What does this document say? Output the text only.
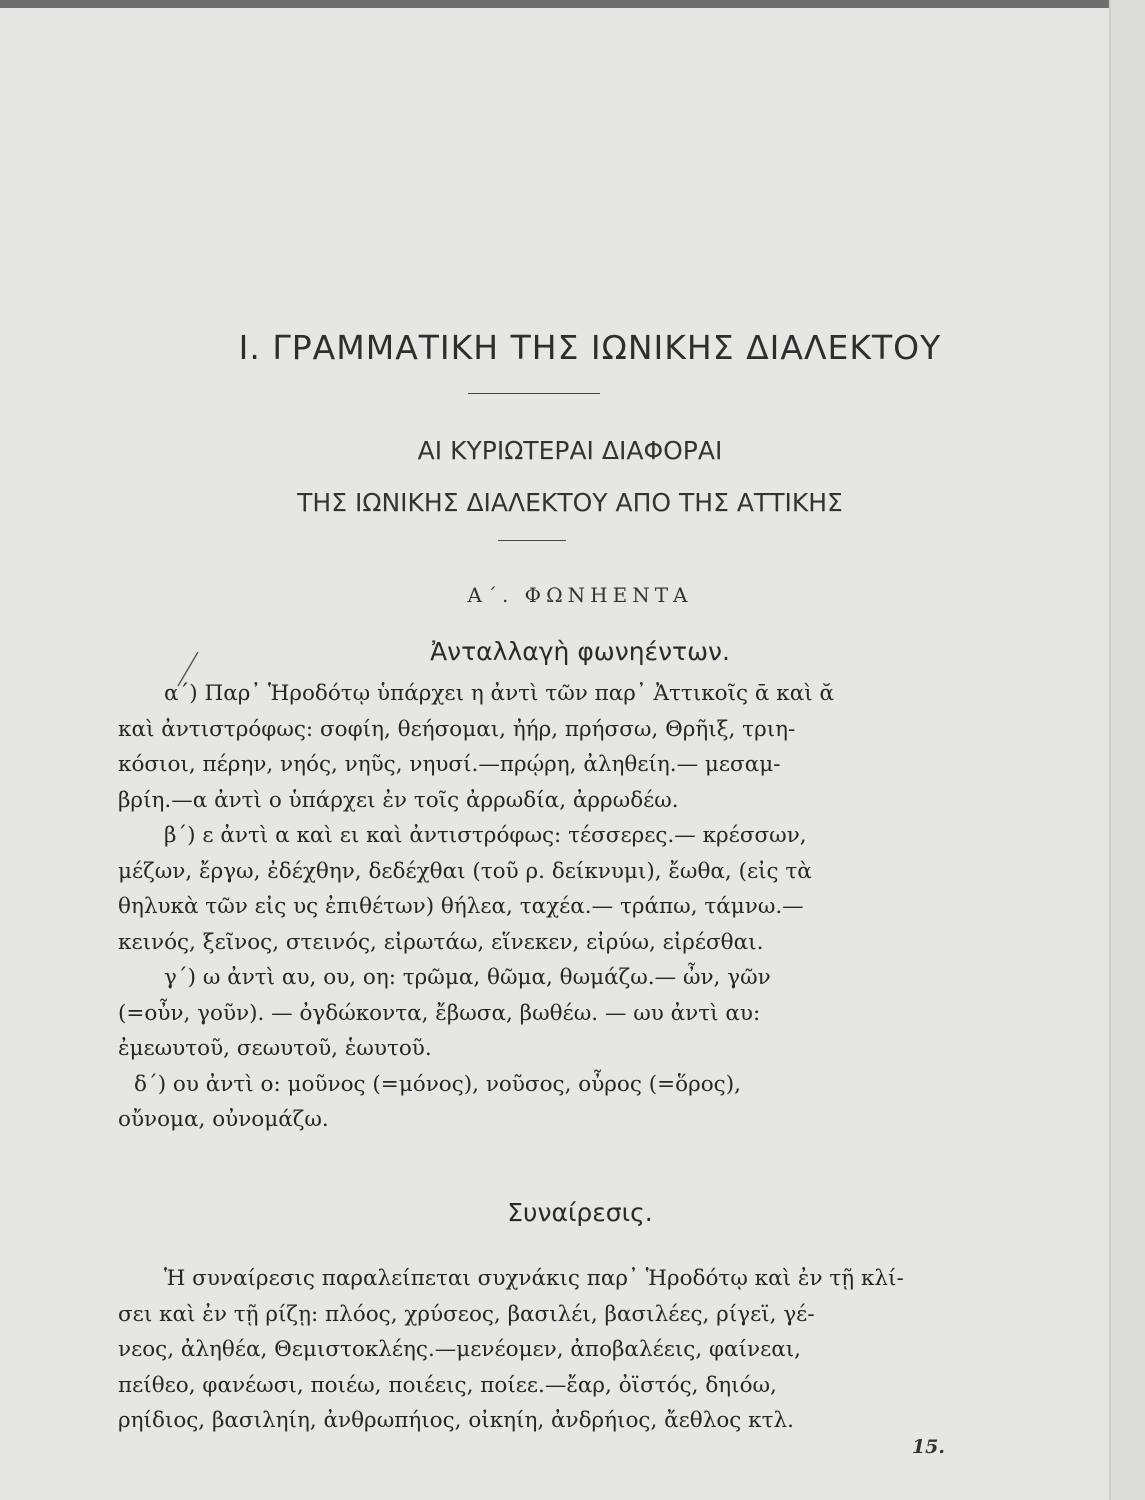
Ι. ΓΡΑΜΜΑΤΙΚΗ ΤΗΣ ΙΩΝΙΚΗΣ ΔΙΑΛΕΚΤΟΥ
ΑΙ ΚΥΡΙΩΤΕΡΑΙ ΔΙΑΦΟΡΑΙ
ΤΗΣ ΙΩΝΙΚΗΣ ΔΙΑΛΕΚΤΟΥ ΑΠΟ ΤΗΣ ΑΤΤΙΚΗΣ
Α΄. ΦΩΝΗΕΝΤΑ
Ἀνταλλαγὴ φωνηέντων.
α΄) Παρ᾿ Ἡροδότῳ ὑπάρχει η ἀντὶ τῶν παρ᾿ Ἀττικοῖς ᾱ καὶ ᾰ
καὶ ἀντιστρόφως: σοφίη, θεήσομαι, ἠήρ, πρήσσω, Θρῆιξ, τριη-
κόσιοι, πέρην, νηός, νηῦς, νηυσί.—πρῴρη, ἀληθείη.— μεσαμ-
βρίη.—α ἀντὶ ο ὑπάρχει ἐν τοῖς ἀρρωδία, ἀρρωδέω.
β΄) ε ἀντὶ α καὶ ει καὶ ἀντιστρόφως: τέσσερες.— κρέσσων,
μέζων, ἔργω, ἐδέχθην, δεδέχθαι (τοῦ ρ. δείκνυμι), ἔωθα, (εἰς τὰ
θηλυκὰ τῶν εἰς υς ἐπιθέτων) θήλεα, ταχέα.— τράπω, τάμνω.—
κεινός, ξεῖνος, στεινός, εἰρωτάω, εἵνεκεν, εἰρύω, εἰρέσθαι.
γ΄) ω ἀντὶ αυ, ου, οη: τρῶμα, θῶμα, θωμάζω.— ὦν, γῶν
(=οὖν, γοῦν). — ὀγδώκοντα, ἔβωσα, βωθέω. — ωυ ἀντὶ αυ:
ἐμεωυτοῦ, σεωυτοῦ, ἑωυτοῦ.
δ΄) ου ἀντὶ ο: μοῦνος (=μόνος), νοῦσος, οὖρος (=ὅρος),
οὔνομα, οὐνομάζω.
Συναίρεσις.
Ἡ συναίρεσις παραλείπεται συχνάκις παρ᾿ Ἡροδότῳ καὶ ἐν τῇ κλί-
σει καὶ ἐν τῇ ρίζῃ: πλόος, χρύσεος, βασιλέι, βασιλέες, ρίγεϊ, γέ-
νεος, ἀληθέα, Θεμιστοκλέης.—μενέομεν, ἀποβαλέεις, φαίνεαι,
πείθεο, φανέωσι, ποιέω, ποιέεις, ποίεε.—ἔαρ, ὀϊστός, δηιόω,
ρηίδιος, βασιληίη, ἀνθρωπήιος, οἰκηίη, ἀνδρήιος, ἄεθλος κτλ.
15.
